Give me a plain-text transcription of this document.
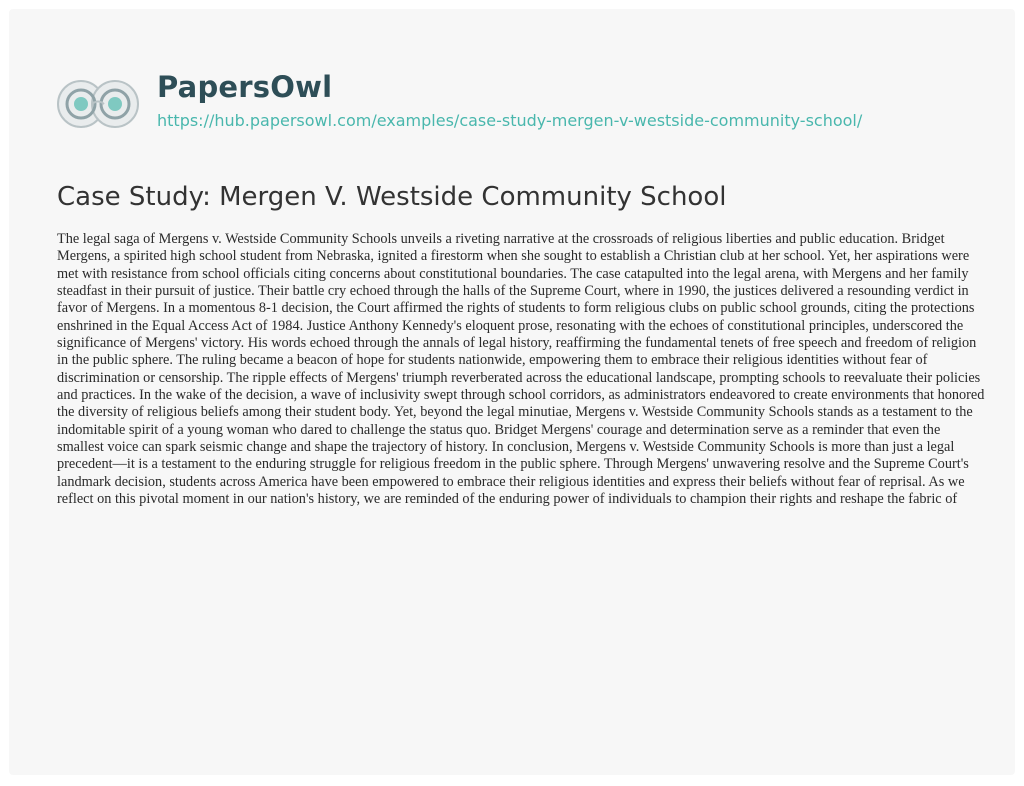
PapersOwl
https://hub.papersowl.com/examples/case-study-mergen-v-westside-community-school/
Case Study: Mergen V. Westside Community School

The legal saga of Mergens v. Westside Community Schools unveils a riveting narrative at the crossroads of religious liberties and public education. Bridget Mergens, a spirited high school student from Nebraska, ignited a firestorm when she sought to establish a Christian club at her school. Yet, her aspirations were met with resistance from school officials citing concerns about constitutional boundaries. The case catapulted into the legal arena, with Mergens and her family steadfast in their pursuit of justice. Their battle cry echoed through the halls of the Supreme Court, where in 1990, the justices delivered a resounding verdict in favor of Mergens. In a momentous 8-1 decision, the Court affirmed the rights of students to form religious clubs on public school grounds, citing the protections enshrined in the Equal Access Act of 1984. Justice Anthony Kennedy's eloquent prose, resonating with the echoes of constitutional principles, underscored the significance of Mergens' victory. His words echoed through the annals of legal history, reaffirming the fundamental tenets of free speech and freedom of religion in the public sphere. The ruling became a beacon of hope for students nationwide, empowering them to embrace their religious identities without fear of discrimination or censorship. The ripple effects of Mergens' triumph reverberated across the educational landscape, prompting schools to reevaluate their policies and practices. In the wake of the decision, a wave of inclusivity swept through school corridors, as administrators endeavored to create environments that honored the diversity of religious beliefs among their student body. Yet, beyond the legal minutiae, Mergens v. Westside Community Schools stands as a testament to the indomitable spirit of a young woman who dared to challenge the status quo. Bridget Mergens' courage and determination serve as a reminder that even the smallest voice can spark seismic change and shape the trajectory of history. In conclusion, Mergens v. Westside Community Schools is more than just a legal precedent—it is a testament to the enduring struggle for religious freedom in the public sphere. Through Mergens' unwavering resolve and the Supreme Court's landmark decision, students across America have been empowered to embrace their religious identities and express their beliefs without fear of reprisal. As we reflect on this pivotal moment in our nation's history, we are reminded of the enduring power of individuals to champion their rights and reshape the fabric of
